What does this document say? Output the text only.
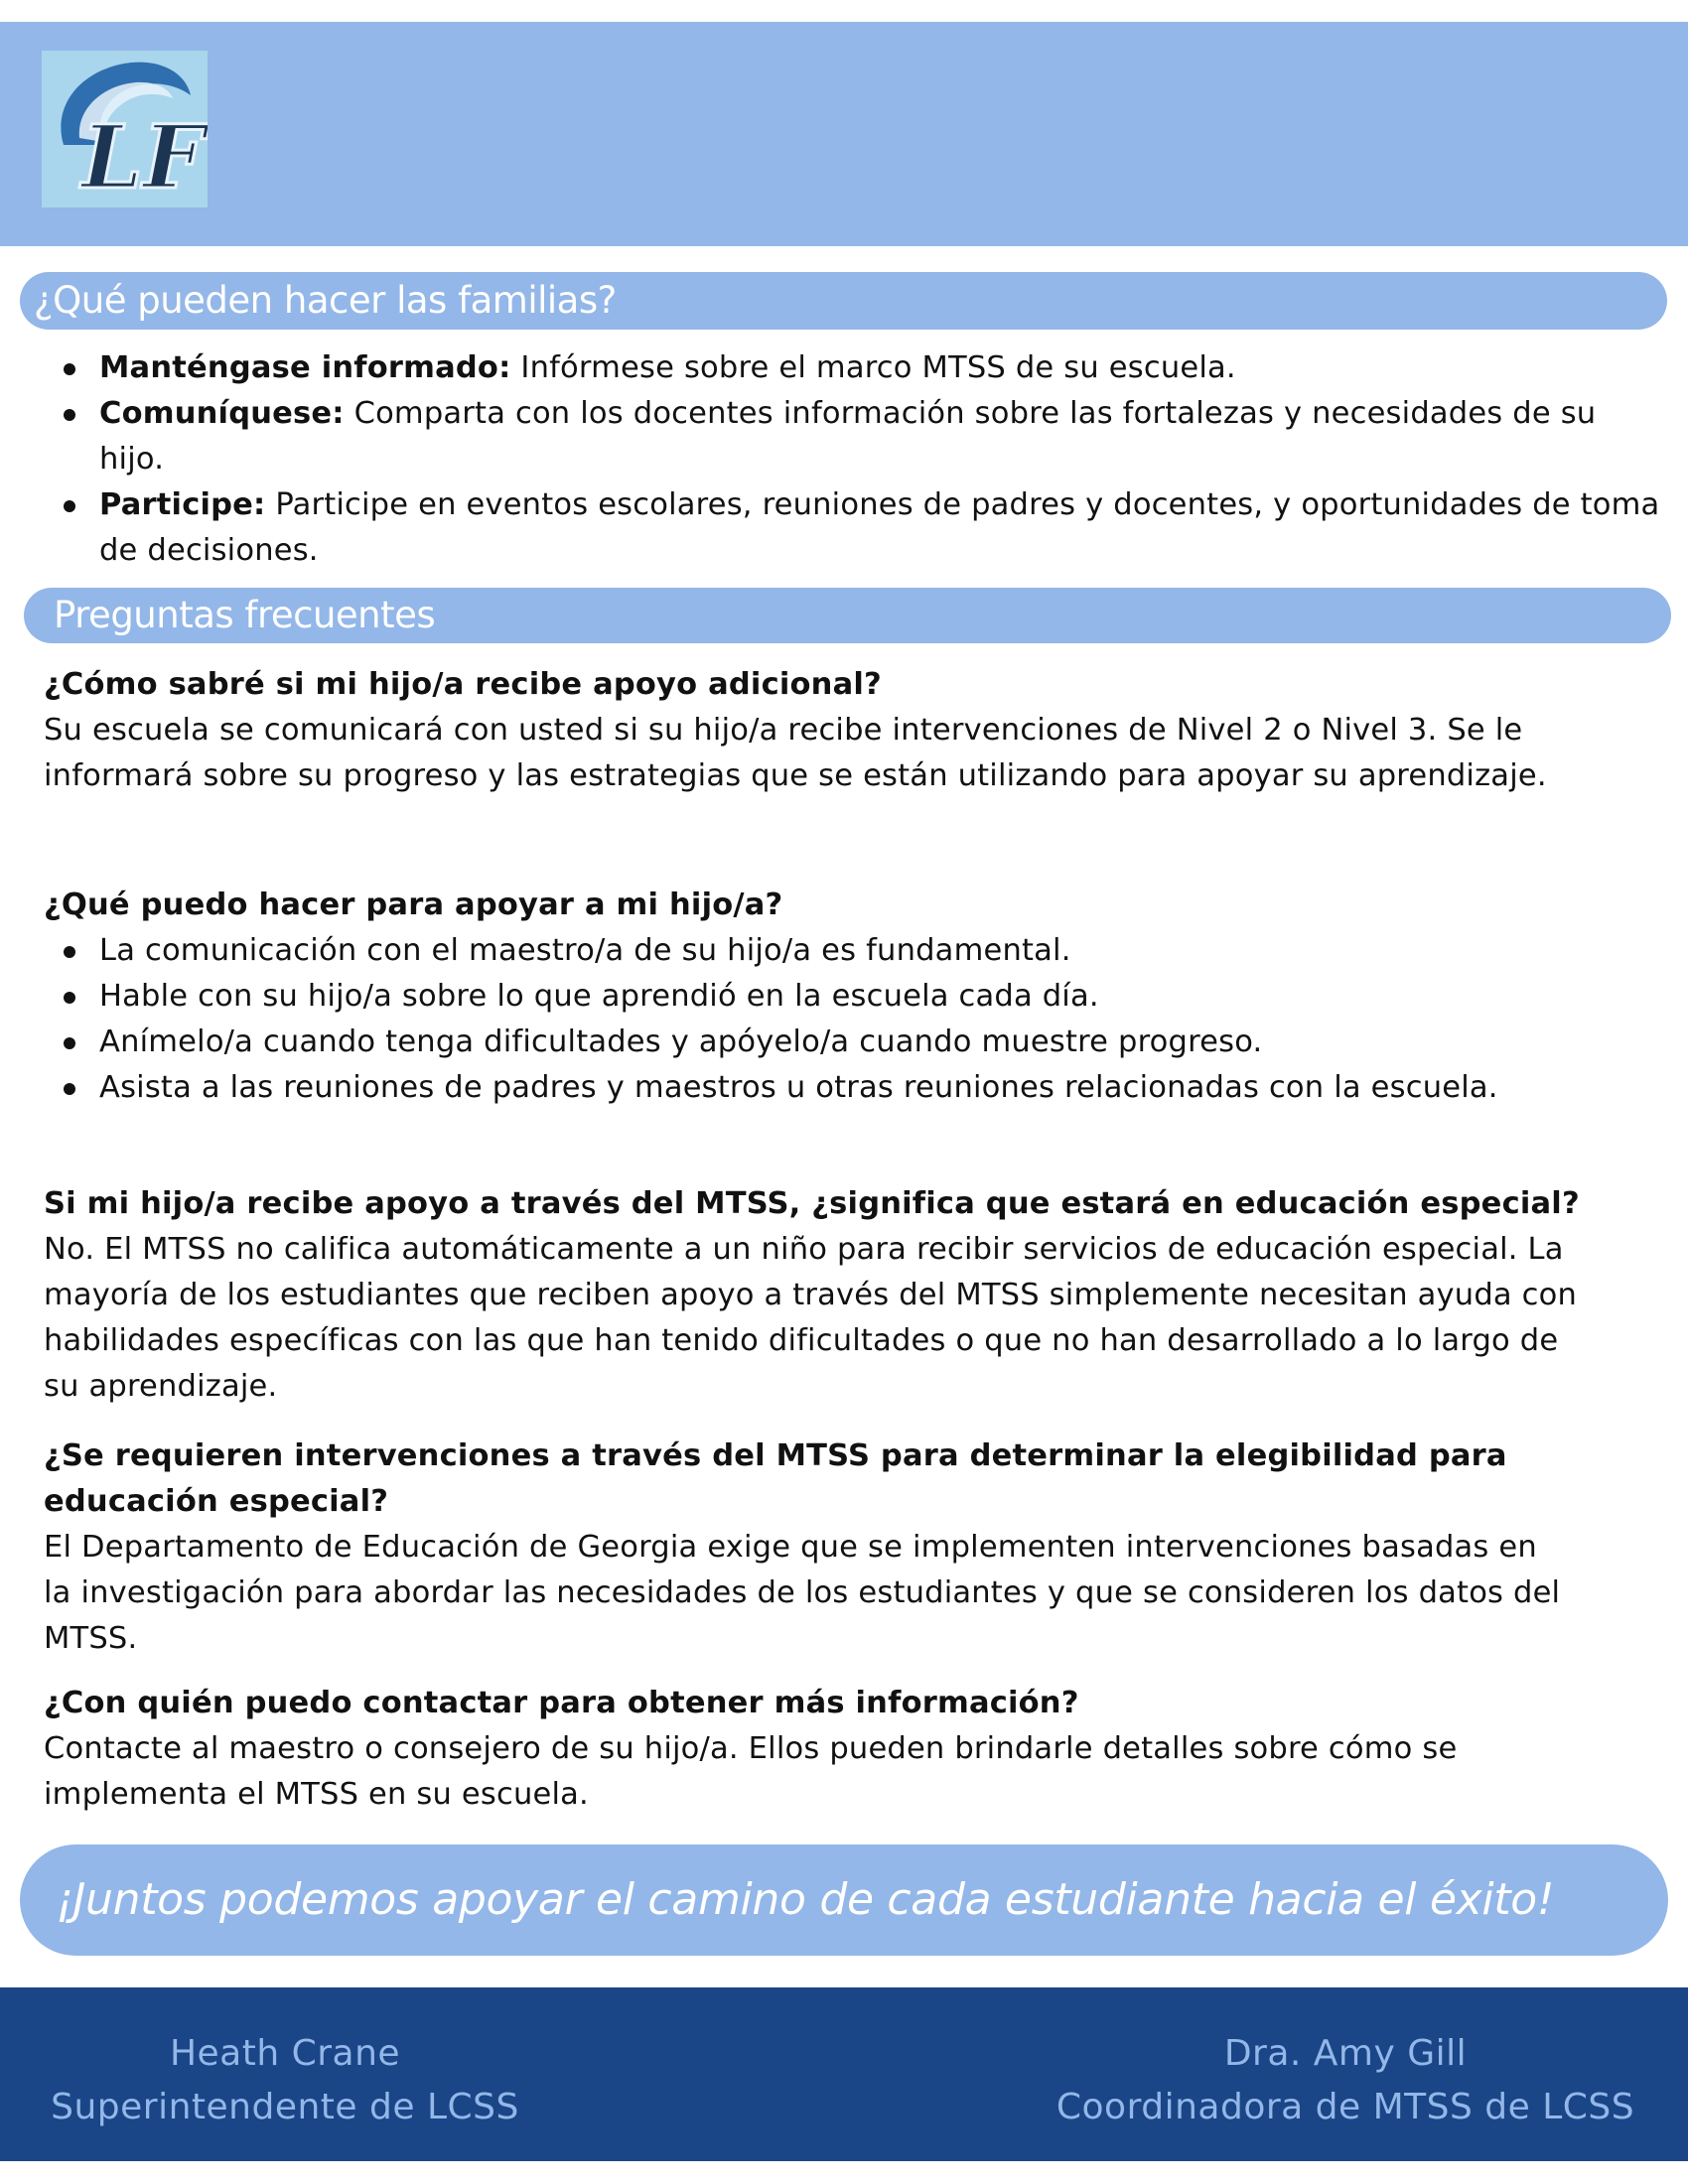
LF
¿Qué pueden hacer las familias?
Manténgase informado: Infórmese sobre el marco MTSS de su escuela.
Comuníquese: Comparta con los docentes información sobre las fortalezas y necesidades de su hijo.
Participe: Participe en eventos escolares, reuniones de padres y docentes, y oportunidades de toma de decisiones.
Preguntas frecuentes
¿Cómo sabré si mi hijo/a recibe apoyo adicional?
Su escuela se comunicará con usted si su hijo/a recibe intervenciones de Nivel 2 o Nivel 3. Se le informará sobre su progreso y las estrategias que se están utilizando para apoyar su aprendizaje.
¿Qué puedo hacer para apoyar a mi hijo/a?
La comunicación con el maestro/a de su hijo/a es fundamental.
Hable con su hijo/a sobre lo que aprendió en la escuela cada día.
Anímelo/a cuando tenga dificultades y apóyelo/a cuando muestre progreso.
Asista a las reuniones de padres y maestros u otras reuniones relacionadas con la escuela.
Si mi hijo/a recibe apoyo a través del MTSS, ¿significa que estará en educación especial?
No. El MTSS no califica automáticamente a un niño para recibir servicios de educación especial. La mayoría de los estudiantes que reciben apoyo a través del MTSS simplemente necesitan ayuda con habilidades específicas con las que han tenido dificultades o que no han desarrollado a lo largo de su aprendizaje.
¿Se requieren intervenciones a través del MTSS para determinar la elegibilidad para educación especial?
El Departamento de Educación de Georgia exige que se implementen intervenciones basadas en la investigación para abordar las necesidades de los estudiantes y que se consideren los datos del MTSS.
¿Con quién puedo contactar para obtener más información?
Contacte al maestro o consejero de su hijo/a. Ellos pueden brindarle detalles sobre cómo se implementa el MTSS en su escuela.
¡Juntos podemos apoyar el camino de cada estudiante hacia el éxito!
Heath Crane
Superintendente de LCSS
Dra. Amy Gill
Coordinadora de MTSS de LCSS
